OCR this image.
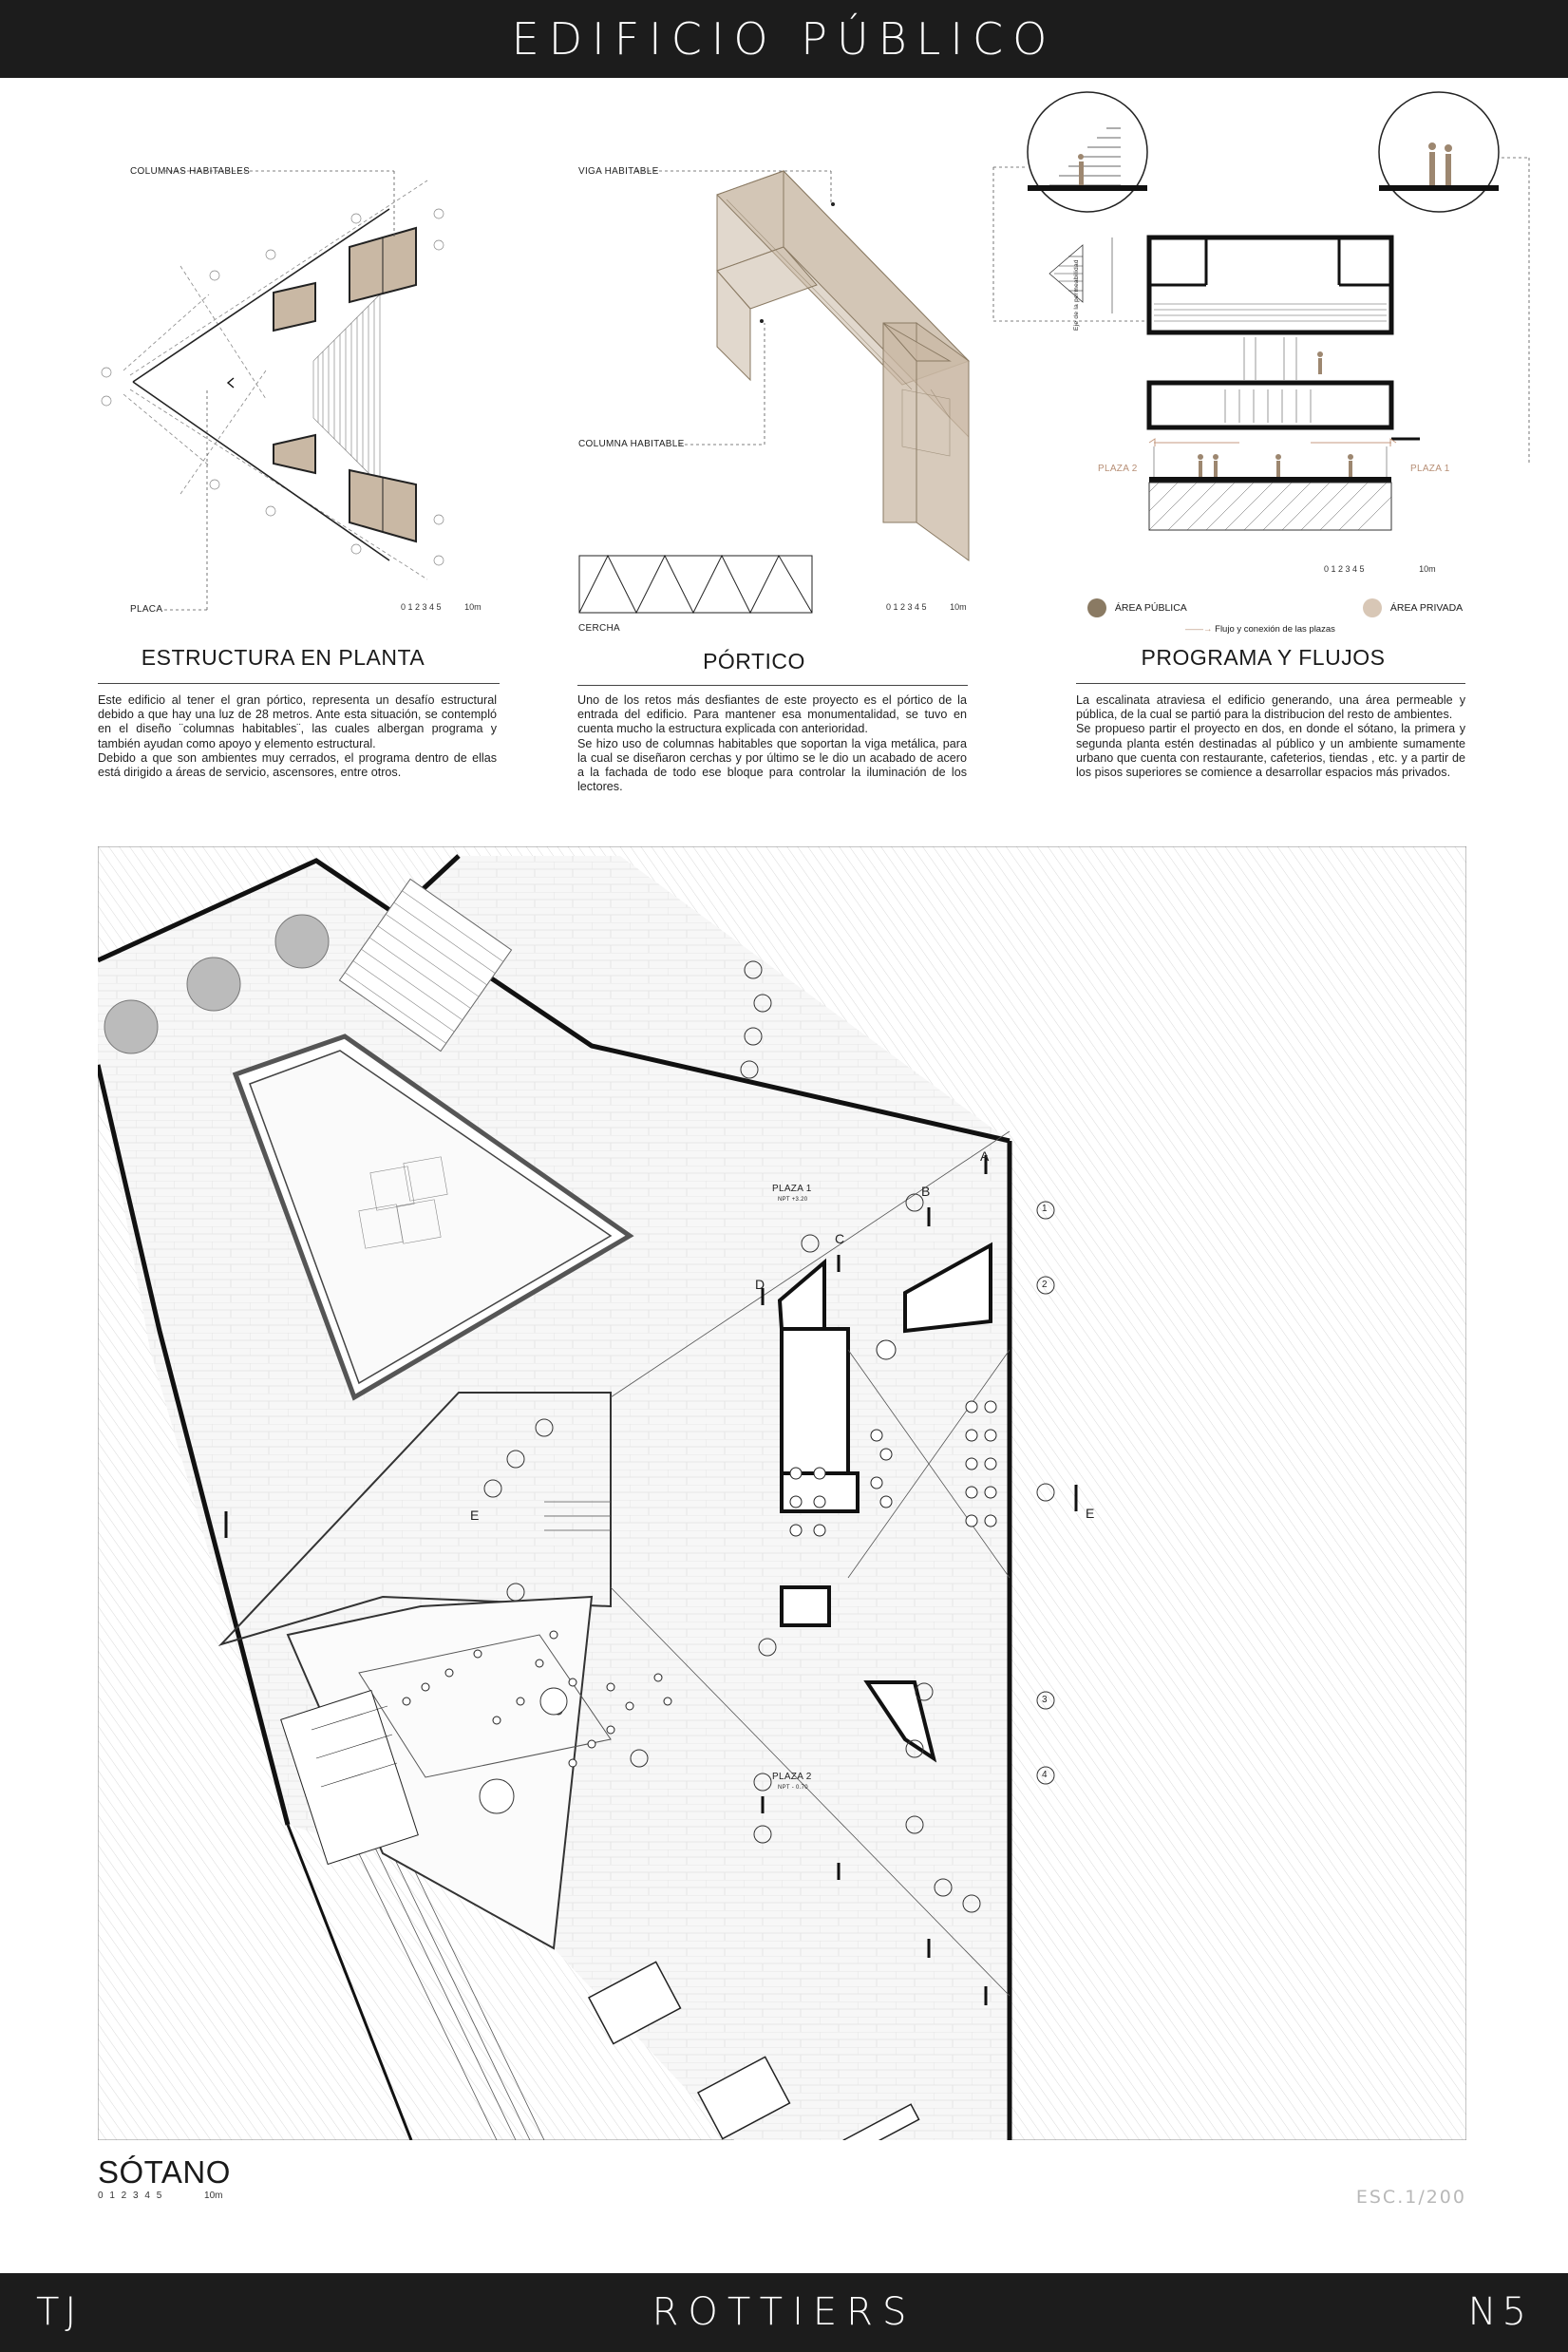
EDIFICIO PÚBLICO
COLUMNAS HABITABLES
PLACA	0 1 2 3 4 5	10m
ESTRUCTURA EN PLANTA

Este edificio al tener el gran pórtico, representa un desafío estructural debido a que hay una luz de 28 metros. Ante esta situación, se contempló en el diseño ¨columnas habitables¨, las cuales albergan programa y también ayudan como apoyo y elemento estructural.

Debido a que son ambientes muy cerrados, el programa dentro de ellas está dirigido a áreas de servicio, ascensores, entre otros.

VIGA HABITABLE
COLUMNA HABITABLE
CERCHA
0 1 2 3 4 5	10m
PÓRTICO

Uno de los retos más desfiantes de este proyecto es el pórtico de la entrada del edificio. Para mantener esa monumentalidad, se tuvo en cuenta mucho la estructura explicada con anterioridad.

Se hizo uso de columnas habitables que soportan la viga metálica, para la cual se diseñaron cerchas y por último se le dio un acabado de acero a la fachada de todo ese bloque para controlar la iluminación de los lectores.

Eje de la permeabilidad
PLAZA 2	PLAZA 1
0 1 2 3 4 5	10m
ÁREA PÚBLICA	ÁREA PRIVADA
——→ Flujo y conexión de las plazas
PROGRAMA Y FLUJOS

La escalinata atraviesa el edificio generando, una área permeable y pública, de la cual se partió para la distribucion del resto de ambientes.

Se propueso partir el proyecto en dos, en donde el sótano, la primera y segunda planta estén destinadas al público y un ambiente sumamente urbano que cuenta con restaurante, cafeterios, tiendas , etc. y a partir de los pisos superiores se comience a desarrollar espacios más privados.

PLAZA 1
NPT +3.20
PLAZA 2
NPT - 0.70
A
B
C
D
E	E
1
2
3
4
SÓTANO
0 1 2 3 4 5	10m	ESC.1/200
TJ	ROTTIERS	N5
